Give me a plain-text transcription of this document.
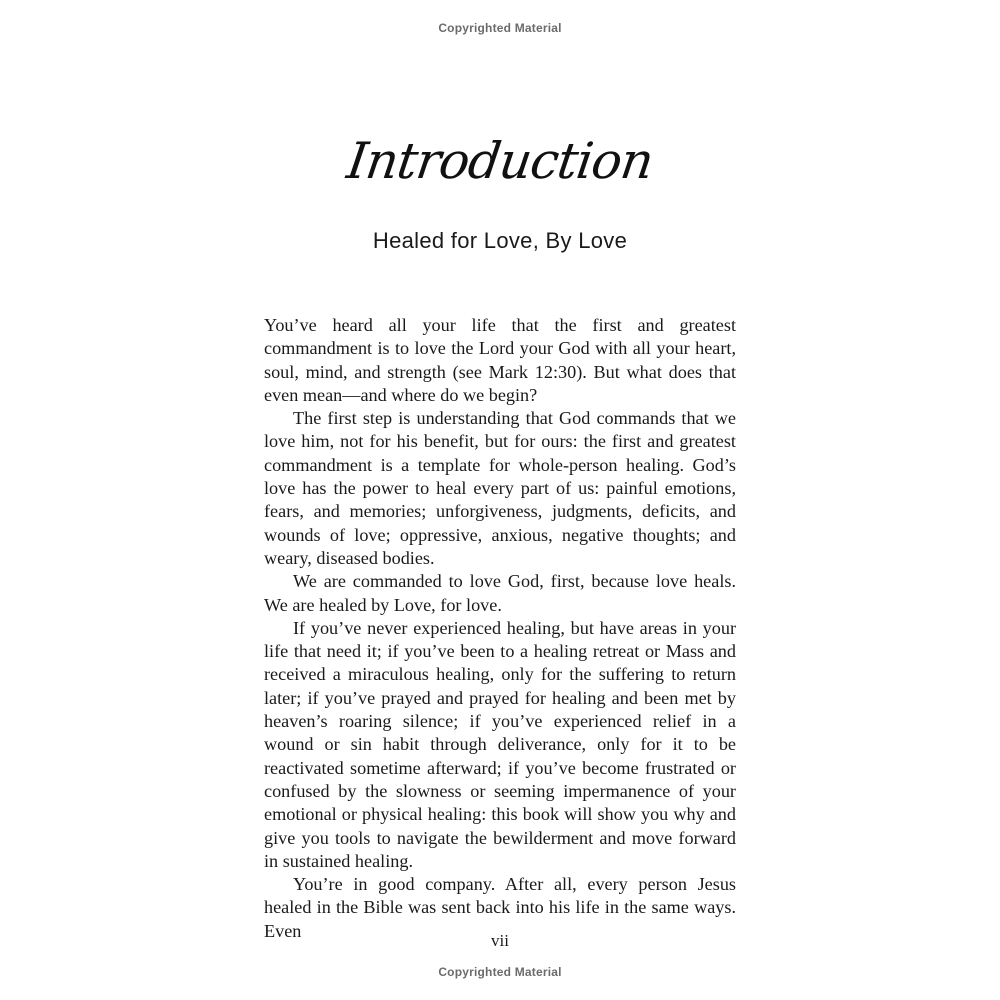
Copyrighted Material
Introduction
Healed for Love, By Love

You’ve heard all your life that the first and greatest commandment is to love the Lord your God with all your heart, soul, mind, and strength (see Mark 12:30). But what does that even mean—and where do we begin?

The first step is understanding that God commands that we love him, not for his benefit, but for ours: the first and greatest commandment is a template for whole-person healing. God’s love has the power to heal every part of us: painful emotions, fears, and memories; unforgiveness, judgments, deficits, and wounds of love; oppressive, anxious, negative thoughts; and weary, diseased bodies.

We are commanded to love God, first, because love heals. We are healed by Love, for love.

If you’ve never experienced healing, but have areas in your life that need it; if you’ve been to a healing retreat or Mass and received a miraculous healing, only for the suffering to return later; if you’ve prayed and prayed for healing and been met by heaven’s roaring silence; if you’ve experienced relief in a wound or sin habit through deliverance, only for it to be reactivated sometime afterward; if you’ve become frustrated or confused by the slowness or seeming impermanence of your emotional or physical healing: this book will show you why and give you tools to navigate the bewilderment and move forward in sustained healing.

You’re in good company. After all, every person Jesus healed in the Bible was sent back into his life in the same ways. Even	vii
Copyrighted Material
